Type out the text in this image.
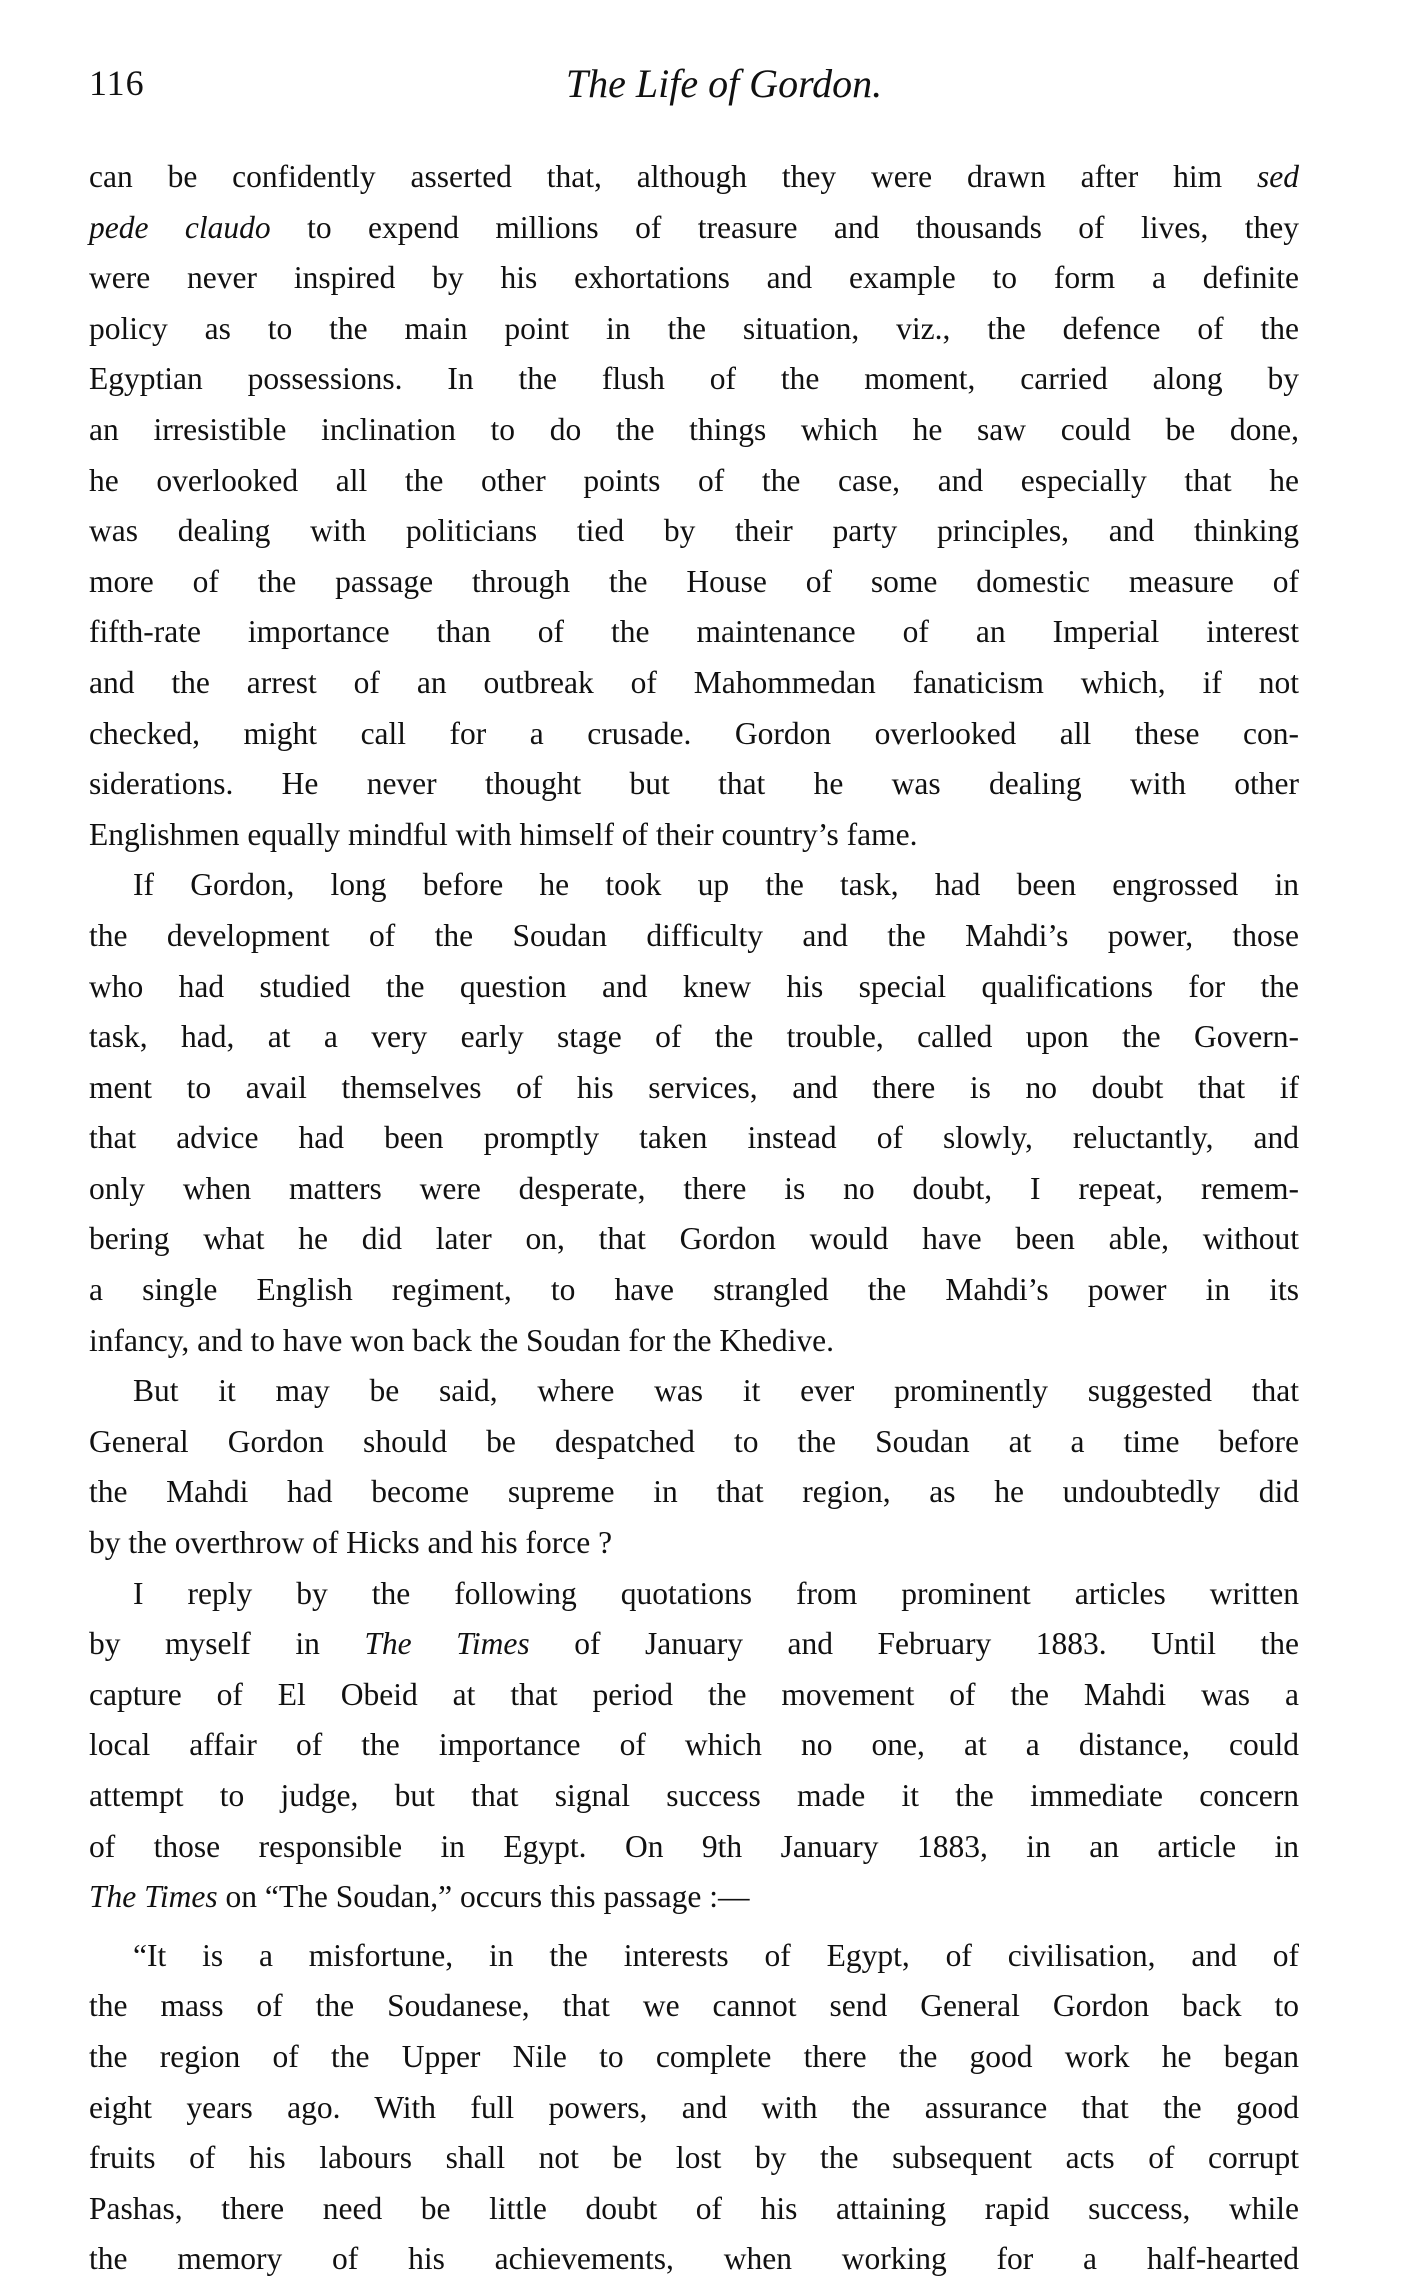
116	The Life of Gordon.
can be confidently asserted that, although they were drawn after him sed
pede claudo to expend millions of treasure and thousands of lives, they
were never inspired by his exhortations and example to form a definite
policy as to the main point in the situation, viz., the defence of the
Egyptian possessions. In the flush of the moment, carried along by
an irresistible inclination to do the things which he saw could be done,
he overlooked all the other points of the case, and especially that he
was dealing with politicians tied by their party principles, and thinking
more of the passage through the House of some domestic measure of
fifth-rate importance than of the maintenance of an Imperial interest
and the arrest of an outbreak of Mahommedan fanaticism which, if not
checked, might call for a crusade. Gordon overlooked all these con-
siderations. He never thought but that he was dealing with other
Englishmen equally mindful with himself of their country’s fame.
If Gordon, long before he took up the task, had been engrossed in
the development of the Soudan difficulty and the Mahdi’s power, those
who had studied the question and knew his special qualifications for the
task, had, at a very early stage of the trouble, called upon the Govern-
ment to avail themselves of his services, and there is no doubt that if
that advice had been promptly taken instead of slowly, reluctantly, and
only when matters were desperate, there is no doubt, I repeat, remem-
bering what he did later on, that Gordon would have been able, without
a single English regiment, to have strangled the Mahdi’s power in its
infancy, and to have won back the Soudan for the Khedive.
But it may be said, where was it ever prominently suggested that
General Gordon should be despatched to the Soudan at a time before
the Mahdi had become supreme in that region, as he undoubtedly did
by the overthrow of Hicks and his force ?
I reply by the following quotations from prominent articles written
by myself in The Times of January and February 1883. Until the
capture of El Obeid at that period the movement of the Mahdi was a
local affair of the importance of which no one, at a distance, could
attempt to judge, but that signal success made it the immediate concern
of those responsible in Egypt. On 9th January 1883, in an article in
The Times on “The Soudan,” occurs this passage :—
“It is a misfortune, in the interests of Egypt, of civilisation, and of
the mass of the Soudanese, that we cannot send General Gordon back to
the region of the Upper Nile to complete there the good work he began
eight years ago. With full powers, and with the assurance that the good
fruits of his labours shall not be lost by the subsequent acts of corrupt
Pashas, there need be little doubt of his attaining rapid success, while
the memory of his achievements, when working for a half-hearted
